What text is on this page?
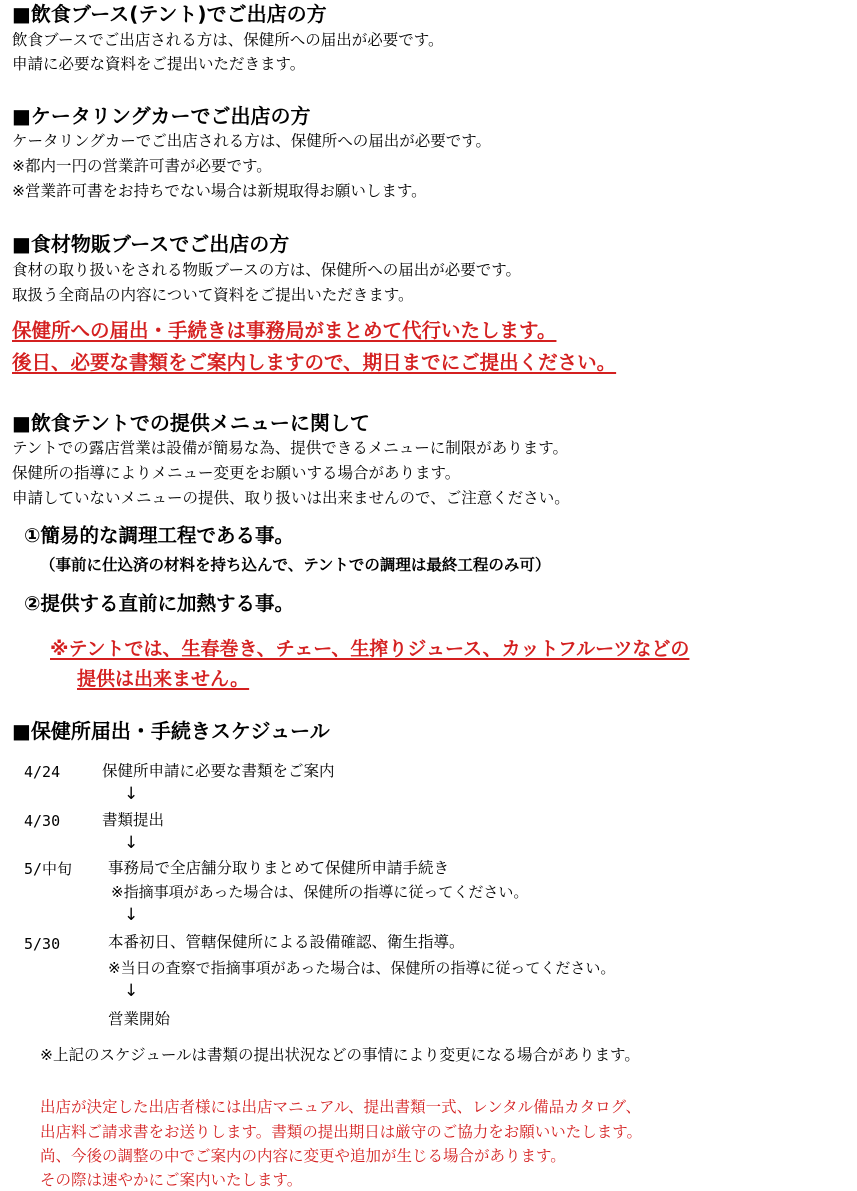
■飲食ブース(テント)でご出店の方
飲食ブースでご出店される方は、保健所への届出が必要です。
申請に必要な資料をご提出いただきます。
■ケータリングカーでご出店の方
ケータリングカーでご出店される方は、保健所への届出が必要です。
※都内一円の営業許可書が必要です。
※営業許可書をお持ちでない場合は新規取得お願いします。
■食材物販ブースでご出店の方
食材の取り扱いをされる物販ブースの方は、保健所への届出が必要です。
取扱う全商品の内容について資料をご提出いただきます。
保健所への届出・手続きは事務局がまとめて代行いたします。
後日、必要な書類をご案内しますので、期日までにご提出ください。
■飲食テントでの提供メニューに関して
テントでの露店営業は設備が簡易な為、提供できるメニューに制限があります。
保健所の指導によりメニュー変更をお願いする場合があります。
申請していないメニューの提供、取り扱いは出来ませんので、ご注意ください。
①簡易的な調理工程である事。
（事前に仕込済の材料を持ち込んで、テントでの調理は最終工程のみ可）
②提供する直前に加熱する事。
※テントでは、生春巻き、チェー、生搾りジュース、カットフルーツなどの
提供は出来ません。
■保健所届出・手続きスケジュール
4/24	保健所申請に必要な書類をご案内
↓
4/30	書類提出
↓
5/中旬 事務局で全店舗分取りまとめて保健所申請手続き
※指摘事項があった場合は、保健所の指導に従ってください。
↓
5/30	本番初日、管轄保健所による設備確認、衛生指導。
※当日の査察で指摘事項があった場合は、保健所の指導に従ってください。
↓
営業開始
※上記のスケジュールは書類の提出状況などの事情により変更になる場合があります。
出店が決定した出店者様には出店マニュアル、提出書類一式、レンタル備品カタログ、
出店料ご請求書をお送りします。書類の提出期日は厳守のご協力をお願いいたします。
尚、今後の調整の中でご案内の内容に変更や追加が生じる場合があります。
その際は速やかにご案内いたします。
